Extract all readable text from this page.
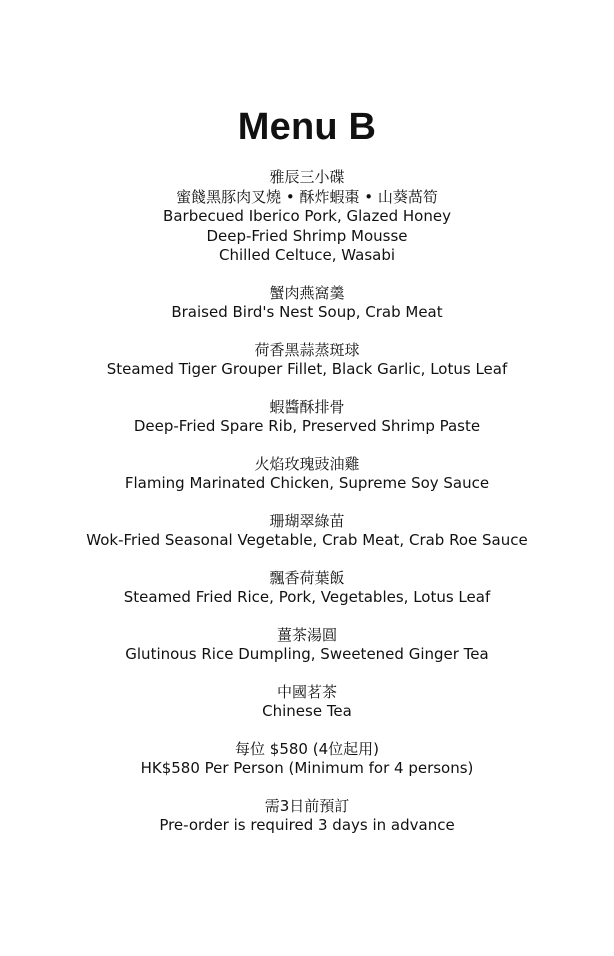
Menu B
雅辰三小碟
蜜餞黑豚肉叉燒 • 酥炸蝦棗 • 山葵萵筍
Barbecued Iberico Pork, Glazed Honey
Deep-Fried Shrimp Mousse
Chilled Celtuce, Wasabi
蟹肉燕窩羹
Braised Bird's Nest Soup, Crab Meat
荷香黑蒜蒸斑球
Steamed Tiger Grouper Fillet, Black Garlic, Lotus Leaf
蝦醬酥排骨
Deep-Fried Spare Rib, Preserved Shrimp Paste
火焰玫瑰豉油雞
Flaming Marinated Chicken, Supreme Soy Sauce
珊瑚翠綠苗
Wok-Fried Seasonal Vegetable, Crab Meat, Crab Roe Sauce
飄香荷葉飯
Steamed Fried Rice, Pork, Vegetables, Lotus Leaf
薑茶湯圓
Glutinous Rice Dumpling, Sweetened Ginger Tea
中國茗茶
Chinese Tea
每位 $580 (4位起用)
HK$580 Per Person (Minimum for 4 persons)
需3日前預訂
Pre-order is required 3 days in advance
